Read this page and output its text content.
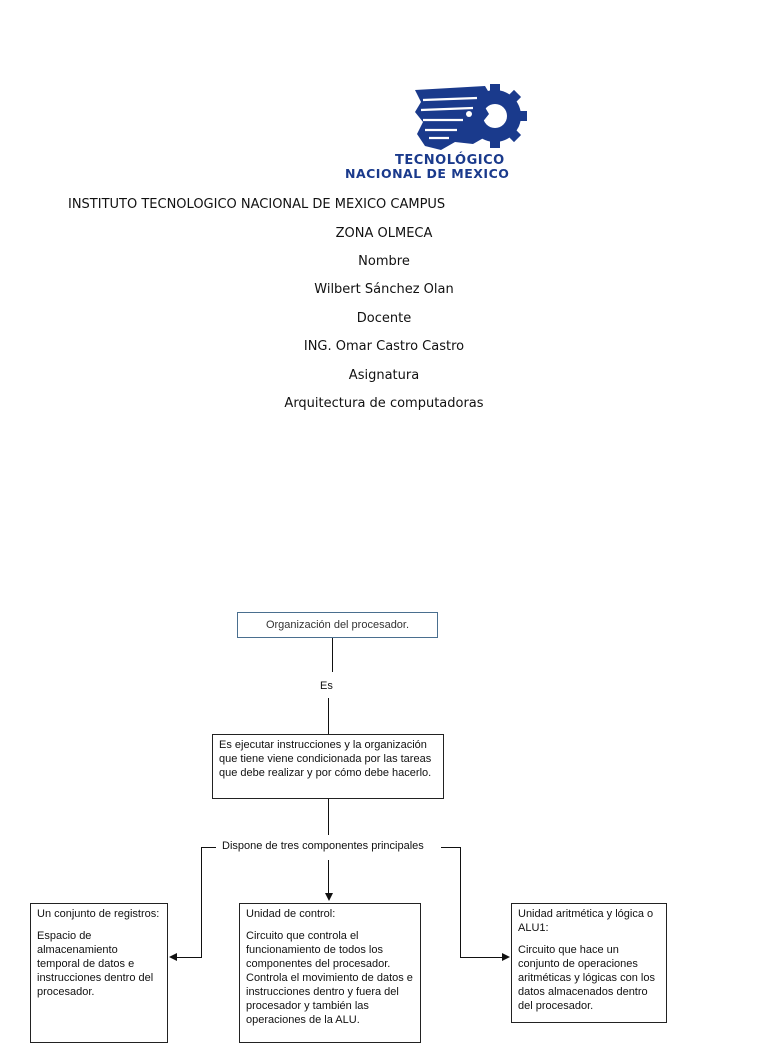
TECNOLÓGICO
NACIONAL DE MEXICO
INSTITUTO TECNOLOGICO NACIONAL DE MEXICO CAMPUS
ZONA OLMECA
Nombre
Wilbert Sánchez Olan
Docente
ING. Omar Castro Castro
Asignatura
Arquitectura de computadoras
Organización del procesador.
Es

Es ejecutar instrucciones y la organización que tiene viene condicionada por las tareas que debe realizar y por cómo debe hacerlo.

Dispone de tres componentes principales

Un conjunto de registros:

Espacio de almacenamiento temporal de datos e instrucciones dentro del procesador.

Unidad de control:

Circuito que controla el funcionamiento de todos los componentes del procesador. Controla el movimiento de datos e instrucciones dentro y fuera del procesador y también las operaciones de la ALU.

Unidad aritmética y lógica o ALU1:

Circuito que hace un conjunto de operaciones aritméticas y lógicas con los datos almacenados dentro del procesador.
